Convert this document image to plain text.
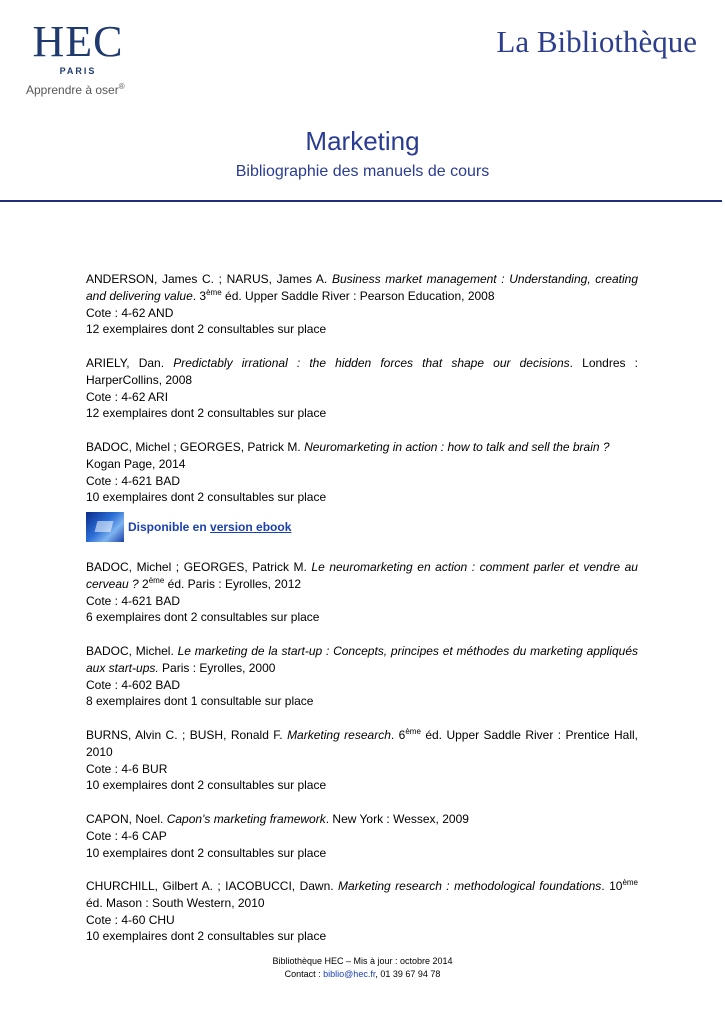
HEC
PARIS
Apprendre à oser®
La Bibliothèque
Marketing
Bibliographie des manuels de cours

ANDERSON, James C. ; NARUS, James A. Business market management : Understanding, creating and delivering value. 3ème éd. Upper Saddle River : Pearson Education, 2008

Cote : 4-62 AND

12 exemplaires dont 2 consultables sur place

ARIELY, Dan. Predictably irrational : the hidden forces that shape our decisions. Londres : HarperCollins, 2008

Cote : 4-62 ARI

12 exemplaires dont 2 consultables sur place

BADOC, Michel ; GEORGES, Patrick M. Neuromarketing in action : how to talk and sell the brain ?
Kogan Page, 2014

Cote : 4-621 BAD

10 exemplaires dont 2 consultables sur place

Disponible en version ebook

BADOC, Michel ; GEORGES, Patrick M. Le neuromarketing en action : comment parler et vendre au cerveau ? 2ème éd. Paris : Eyrolles, 2012

Cote : 4-621 BAD

6 exemplaires dont 2 consultables sur place

BADOC, Michel. Le marketing de la start-up : Concepts, principes et méthodes du marketing appliqués aux start-ups. Paris : Eyrolles, 2000

Cote : 4-602 BAD

8 exemplaires dont 1 consultable sur place

BURNS, Alvin C. ; BUSH, Ronald F. Marketing research. 6ème éd. Upper Saddle River : Prentice Hall, 2010

Cote : 4-6 BUR

10 exemplaires dont 2 consultables sur place

CAPON, Noel. Capon's marketing framework. New York : Wessex, 2009

Cote : 4-6 CAP

10 exemplaires dont 2 consultables sur place

CHURCHILL, Gilbert A. ; IACOBUCCI, Dawn. Marketing research : methodological foundations. 10ème éd. Mason : South Western, 2010

Cote : 4-60 CHU

10 exemplaires dont 2 consultables sur place

Bibliothèque HEC – Mis à jour : octobre 2014
Contact : biblio@hec.fr, 01 39 67 94 78
